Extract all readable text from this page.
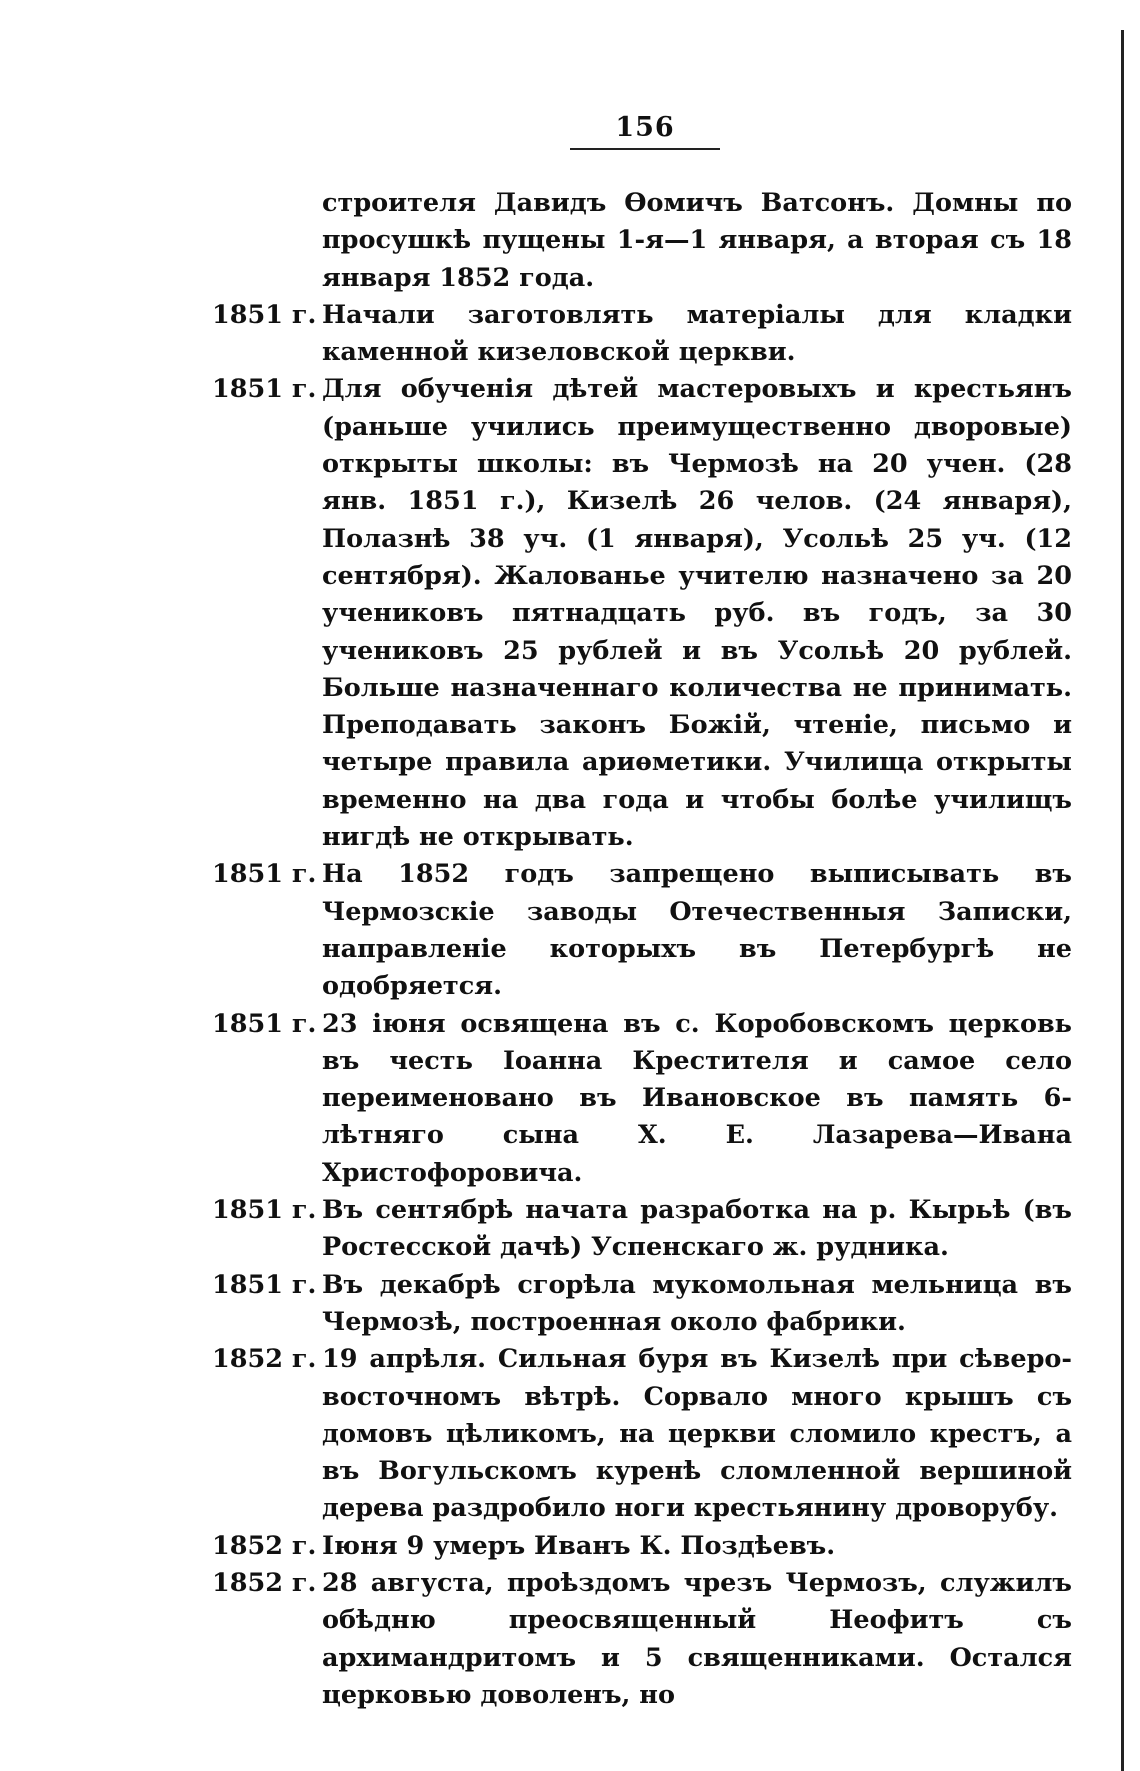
156
строителя Давидъ Ѳомичъ Ватсонъ. Домны по просушкѣ пущены 1-я—1 января, а вторая съ 18 января 1852 года.
1851 г. Начали заготовлять матеріалы для кладки каменной кизеловской церкви.
1851 г. Для обученія дѣтей мастеровыхъ и крестьянъ (раньше учились преимущественно дворовые) открыты школы: въ Чермозѣ на 20 учен. (28 янв. 1851 г.), Кизелѣ 26 челов. (24 января), Полазнѣ 38 уч. (1 января), Усольѣ 25 уч. (12 сентября). Жалованье учителю назначено за 20 учениковъ пятнадцать руб. въ годъ, за 30 учениковъ 25 рублей и въ Усольѣ 20 рублей. Больше назначеннаго количества не принимать. Преподавать законъ Божій, чтеніе, письмо и четыре правила ариѳметики. Училища открыты временно на два года и чтобы болѣе училищъ нигдѣ не открывать.
1851 г. На 1852 годъ запрещено выписывать въ Чермозскіе заводы Отечественныя Записки, направленіе которыхъ въ Петербургѣ не одобряется.
1851 г. 23 іюня освящена въ с. Коробовскомъ церковь въ честь Іоанна Крестителя и самое село переименовано въ Ивановское въ память 6-лѣтняго сына Х. Е. Лазарева—Ивана Христофоровича.
1851 г. Въ сентябрѣ начата разработка на р. Кырьѣ (въ Ростесской дачѣ) Успенскаго ж. рудника.
1851 г. Въ декабрѣ сгорѣла мукомольная мельница въ Чермозѣ, построенная около фабрики.
1852 г. 19 апрѣля. Сильная буря въ Кизелѣ при сѣверо-восточномъ вѣтрѣ. Сорвало много крышъ съ домовъ цѣликомъ, на церкви сломило крестъ, а въ Вогульскомъ куренѣ сломленной вершиной дерева раздробило ноги крестьянину дроворубу.
1852 г. Іюня 9 умеръ Иванъ К. Поздѣевъ.
1852 г. 28 августа, проѣздомъ чрезъ Чермозъ, служилъ обѣдню преосвященный Неофитъ съ архимандритомъ и 5 священниками. Остался церковью доволенъ, но
